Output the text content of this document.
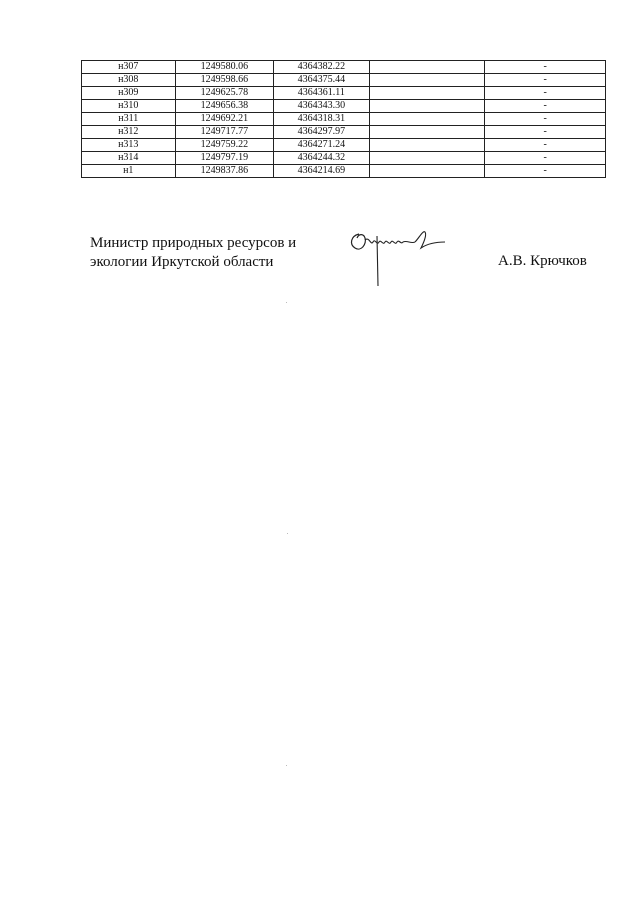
н307	1249580.06	4364382.22		-
н308	1249598.66	4364375.44		-
н309	1249625.78	4364361.11		-
н310	1249656.38	4364343.30		-
н311	1249692.21	4364318.31		-
н312	1249717.77	4364297.97		-
н313	1249759.22	4364271.24		-
н314	1249797.19	4364244.32		-
н1	1249837.86	4364214.69		-
Министр природных ресурсов и
экологии Иркутской области	А.В. Крючков
